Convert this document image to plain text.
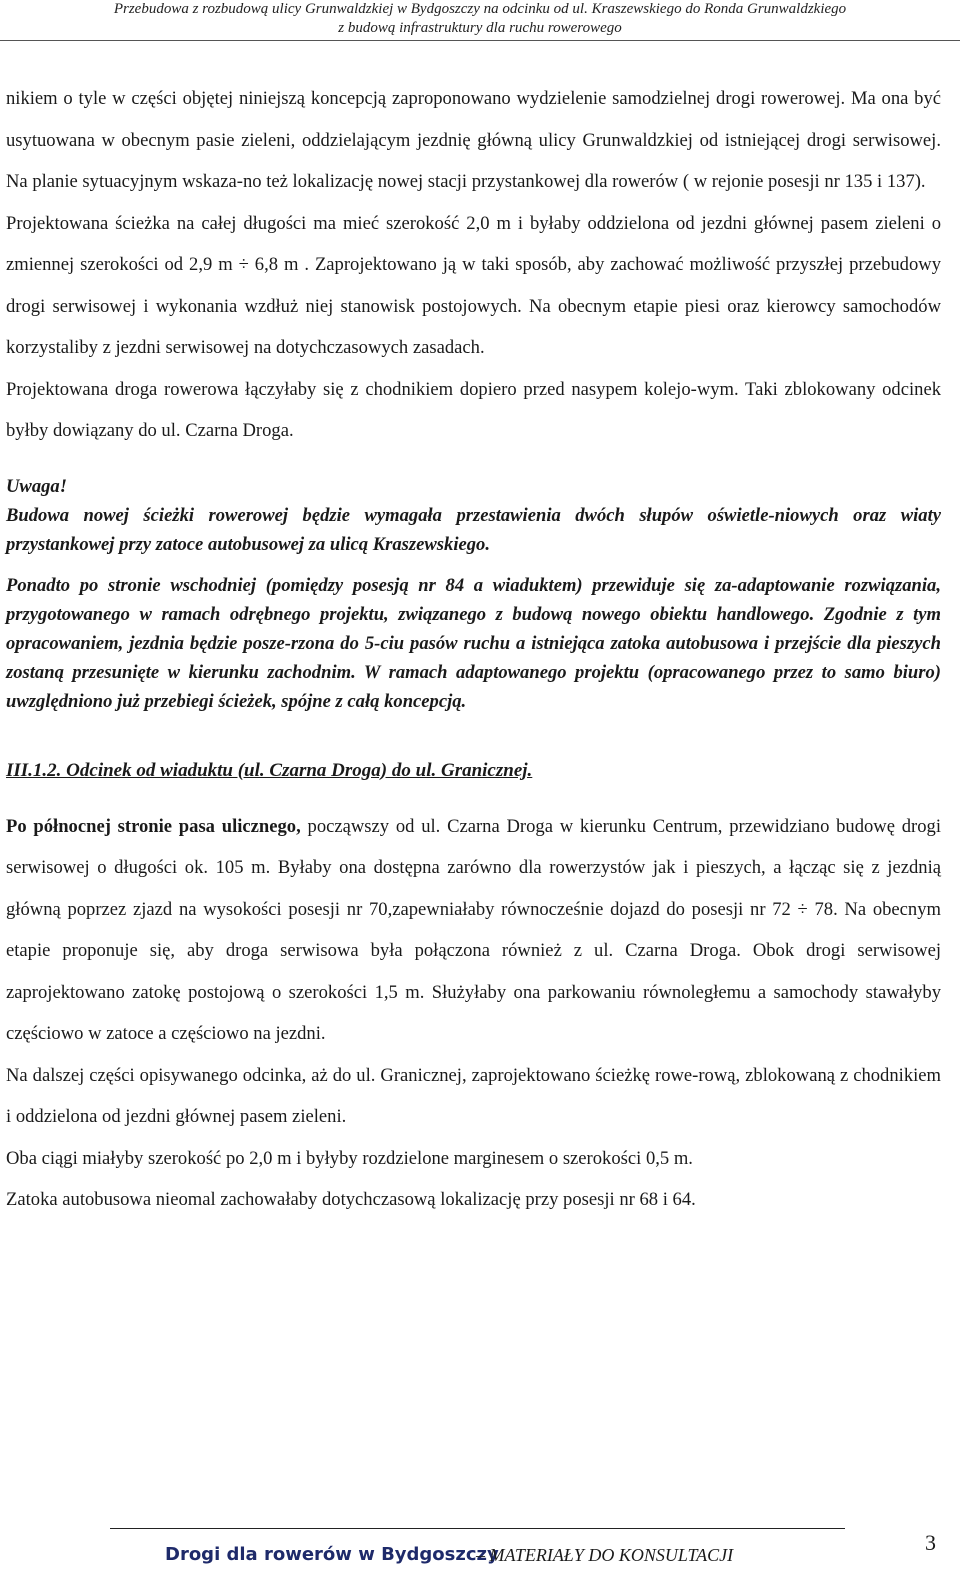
Przebudowa z rozbudową ulicy Grunwaldzkiej w Bydgoszczy na odcinku od ul. Kraszewskiego do Ronda Grunwaldzkiego
z budową infrastruktury dla ruchu rowerowego

nikiem o tyle w części objętej niniejszą koncepcją zaproponowano wydzielenie samodzielnej drogi rowerowej. Ma ona być usytuowana w obecnym pasie zieleni, oddzielającym jezdnię główną ulicy Grunwaldzkiej od istniejącej drogi serwisowej. Na planie sytuacyjnym wskaza-no też lokalizację nowej stacji przystankowej dla rowerów ( w rejonie posesji nr 135 i 137).

Projektowana ścieżka na całej długości ma mieć szerokość 2,0 m i byłaby oddzielona od jezdni głównej pasem zieleni o zmiennej szerokości od 2,9 m ÷ 6,8 m . Zaprojektowano ją w taki sposób, aby zachować możliwość przyszłej przebudowy drogi serwisowej i wykonania wzdłuż niej stanowisk postojowych. Na obecnym etapie piesi oraz kierowcy samochodów korzystaliby z jezdni serwisowej na dotychczasowych zasadach.

Projektowana droga rowerowa łączyłaby się z chodnikiem dopiero przed nasypem kolejo-wym. Taki zblokowany odcinek byłby dowiązany do ul. Czarna Droga.

Uwaga!

Budowa nowej ścieżki rowerowej będzie wymagała przestawienia dwóch słupów oświetle-niowych oraz wiaty przystankowej przy zatoce autobusowej za ulicą Kraszewskiego.

Ponadto po stronie wschodniej (pomiędzy posesją nr 84 a wiaduktem) przewiduje się za-adaptowanie rozwiązania, przygotowanego w ramach odrębnego projektu, związanego z budową nowego obiektu handlowego. Zgodnie z tym opracowaniem, jezdnia będzie posze-rzona do 5-ciu pasów ruchu a istniejąca zatoka autobusowa i przejście dla pieszych zostaną przesunięte w kierunku zachodnim. W ramach adaptowanego projektu (opracowanego przez to samo biuro) uwzględniono już przebiegi ścieżek, spójne z całą koncepcją.

III.1.2. Odcinek od wiaduktu (ul. Czarna Droga) do ul. Granicznej.

Po północnej stronie pasa ulicznego, począwszy od ul. Czarna Droga w kierunku Centrum, przewidziano budowę drogi serwisowej o długości ok. 105 m. Byłaby ona dostępna zarówno dla rowerzystów jak i pieszych, a łącząc się z jezdnią główną poprzez zjazd na wysokości posesji nr 70,zapewniałaby równocześnie dojazd do posesji nr 72 ÷ 78. Na obecnym etapie proponuje się, aby droga serwisowa była połączona również z ul. Czarna Droga. Obok drogi serwisowej zaprojektowano zatokę postojową o szerokości 1,5 m. Służyłaby ona parkowaniu równoległemu a samochody stawałyby częściowo w zatoce a częściowo na jezdni.

Na dalszej części opisywanego odcinka, aż do ul. Granicznej, zaprojektowano ścieżkę rowe-rową, zblokowaną z chodnikiem i oddzielona od jezdni głównej pasem zieleni.

Oba ciągi miałyby szerokość po 2,0 m i byłyby rozdzielone marginesem o szerokości 0,5 m.

Zatoka autobusowa nieomal zachowałaby dotychczasową lokalizację przy posesji nr 68 i 64.

Drogi dla rowerów w Bydgoszczy
– MATERIAŁY DO KONSULTACJI	3
